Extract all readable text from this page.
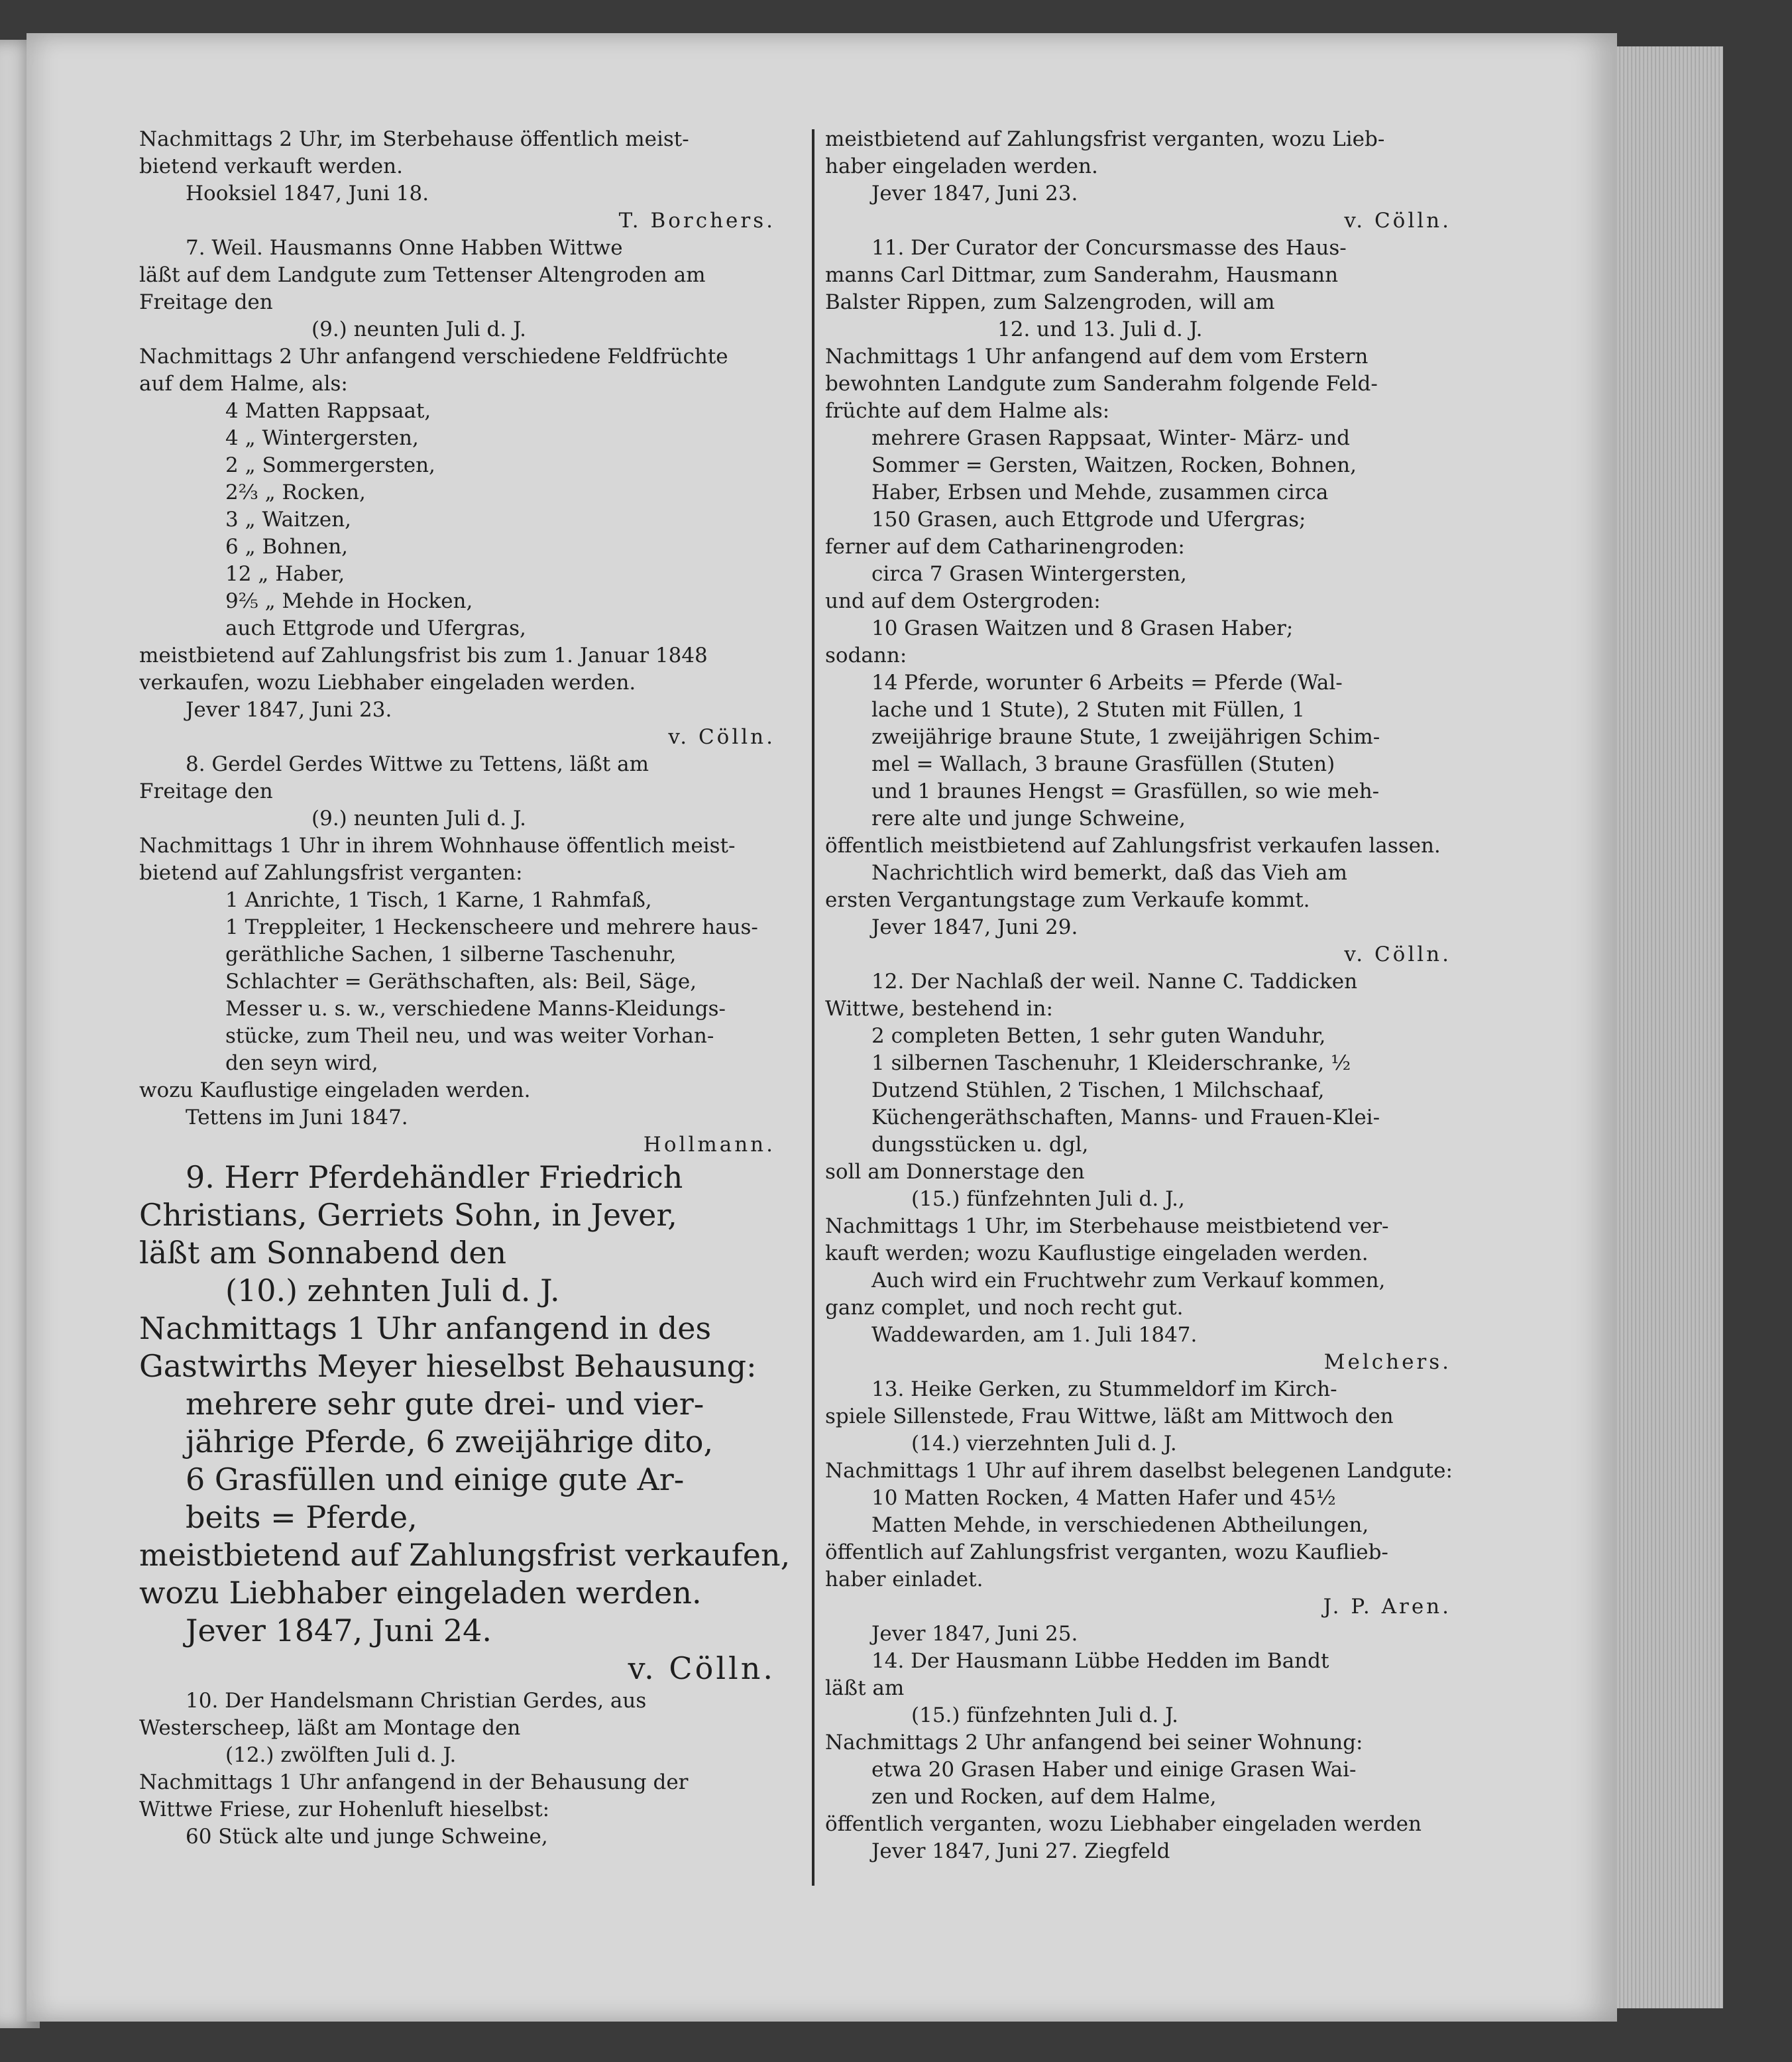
Nachmittags 2 Uhr, im Sterbehause öffentlich meist-
bietend verkauft werden.
Hooksiel 1847, Juni 18.
T. Borchers.
7. Weil. Hausmanns Onne Habben Wittwe
läßt auf dem Landgute zum Tettenser Altengroden am
Freitage den
(9.) neunten Juli d. J.
Nachmittags 2 Uhr anfangend verschiedene Feldfrüchte
auf dem Halme, als:
4 Matten Rappsaat,
4 „ Wintergersten,
2 „ Sommergersten,
2⅔ „ Rocken,
3 „ Waitzen,
6 „ Bohnen,
12 „ Haber,
9⅖ „ Mehde in Hocken,
auch Ettgrode und Ufergras,
meistbietend auf Zahlungsfrist bis zum 1. Januar 1848
verkaufen, wozu Liebhaber eingeladen werden.
Jever 1847, Juni 23.
v. Cölln.
8. Gerdel Gerdes Wittwe zu Tettens, läßt am
Freitage den
(9.) neunten Juli d. J.
Nachmittags 1 Uhr in ihrem Wohnhause öffentlich meist-
bietend auf Zahlungsfrist verganten:
1 Anrichte, 1 Tisch, 1 Karne, 1 Rahmfaß,
1 Treppleiter, 1 Heckenscheere und mehrere haus-
geräthliche Sachen, 1 silberne Taschenuhr,
Schlachter = Geräthschaften, als: Beil, Säge,
Messer u. s. w., verschiedene Manns-Kleidungs-
stücke, zum Theil neu, und was weiter Vorhan-
den seyn wird,
wozu Kauflustige eingeladen werden.
Tettens im Juni 1847.
Hollmann.
9. Herr Pferdehändler Friedrich
Christians, Gerriets Sohn, in Jever,
läßt am Sonnabend den
(10.) zehnten Juli d. J.
Nachmittags 1 Uhr anfangend in des
Gastwirths Meyer hieselbst Behausung:
mehrere sehr gute drei- und vier-
jährige Pferde, 6 zweijährige dito,
6 Grasfüllen und einige gute Ar-
beits = Pferde,
meistbietend auf Zahlungsfrist verkaufen,
wozu Liebhaber eingeladen werden.
Jever 1847, Juni 24.
v. Cölln.
10. Der Handelsmann Christian Gerdes, aus
Westerscheep, läßt am Montage den
(12.) zwölften Juli d. J.
Nachmittags 1 Uhr anfangend in der Behausung der
Wittwe Friese, zur Hohenluft hieselbst:
60 Stück alte und junge Schweine,
meistbietend auf Zahlungsfrist verganten, wozu Lieb-
haber eingeladen werden.
Jever 1847, Juni 23.
v. Cölln.
11. Der Curator der Concursmasse des Haus-
manns Carl Dittmar, zum Sanderahm, Hausmann
Balster Rippen, zum Salzengroden, will am
12. und 13. Juli d. J.
Nachmittags 1 Uhr anfangend auf dem vom Erstern
bewohnten Landgute zum Sanderahm folgende Feld-
früchte auf dem Halme als:
mehrere Grasen Rappsaat, Winter- März- und
Sommer = Gersten, Waitzen, Rocken, Bohnen,
Haber, Erbsen und Mehde, zusammen circa
150 Grasen, auch Ettgrode und Ufergras;
ferner auf dem Catharinengroden:
circa 7 Grasen Wintergersten,
und auf dem Ostergroden:
10 Grasen Waitzen und 8 Grasen Haber;
sodann:
14 Pferde, worunter 6 Arbeits = Pferde (Wal-
lache und 1 Stute), 2 Stuten mit Füllen, 1
zweijährige braune Stute, 1 zweijährigen Schim-
mel = Wallach, 3 braune Grasfüllen (Stuten)
und 1 braunes Hengst = Grasfüllen, so wie meh-
rere alte und junge Schweine,
öffentlich meistbietend auf Zahlungsfrist verkaufen lassen.
Nachrichtlich wird bemerkt, daß das Vieh am
ersten Vergantungstage zum Verkaufe kommt.
Jever 1847, Juni 29.
v. Cölln.
12. Der Nachlaß der weil. Nanne C. Taddicken
Wittwe, bestehend in:
2 completen Betten, 1 sehr guten Wanduhr,
1 silbernen Taschenuhr, 1 Kleiderschranke, ½
Dutzend Stühlen, 2 Tischen, 1 Milchschaaf,
Küchengeräthschaften, Manns- und Frauen-Klei-
dungsstücken u. dgl,
soll am Donnerstage den
(15.) fünfzehnten Juli d. J.,
Nachmittags 1 Uhr, im Sterbehause meistbietend ver-
kauft werden; wozu Kauflustige eingeladen werden.
Auch wird ein Fruchtwehr zum Verkauf kommen,
ganz complet, und noch recht gut.
Waddewarden, am 1. Juli 1847.
Melchers.
13. Heike Gerken, zu Stummeldorf im Kirch-
spiele Sillenstede, Frau Wittwe, läßt am Mittwoch den
(14.) vierzehnten Juli d. J.
Nachmittags 1 Uhr auf ihrem daselbst belegenen Landgute:
10 Matten Rocken, 4 Matten Hafer und 45½
Matten Mehde, in verschiedenen Abtheilungen,
öffentlich auf Zahlungsfrist verganten, wozu Kauflieb-
haber einladet.
J. P. Aren.
Jever 1847, Juni 25.
14. Der Hausmann Lübbe Hedden im Bandt
läßt am
(15.) fünfzehnten Juli d. J.
Nachmittags 2 Uhr anfangend bei seiner Wohnung:
etwa 20 Grasen Haber und einige Grasen Wai-
zen und Rocken, auf dem Halme,
öffentlich verganten, wozu Liebhaber eingeladen werden
Jever 1847, Juni 27. Ziegfeld
